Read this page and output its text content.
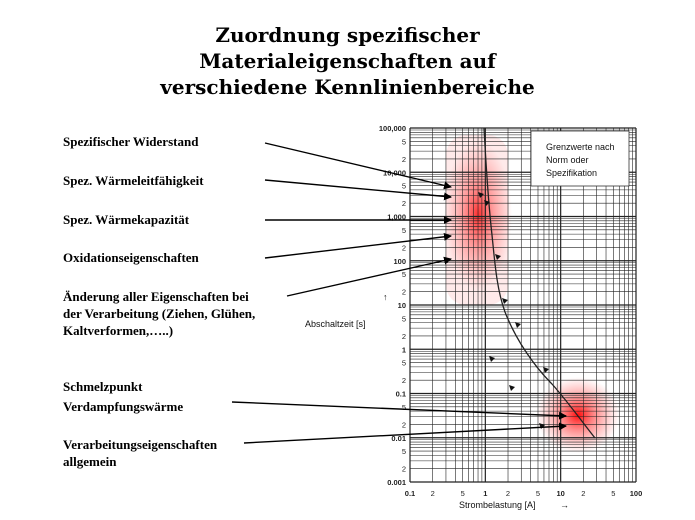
Zuordnung spezifischer
Materialeigenschaften auf
verschiedene Kennlinienbereiche
Spezifischer Widerstand
Spez. Wärmeleitfähigkeit
Spez. Wärmekapazität
Oxidationseigenschaften
Änderung aller Eigenschaften bei
der Verarbeitung (Ziehen, Glühen,
Kaltverformen,…..)
Schmelzpunkt
Verdampfungswärme
Verarbeitungseigenschaften
allgemein
100,000
10,000
1,000
100
10
1
0.1
0.01
0.001
5
2
5
2
5
2
5
2
5
2
5
2
5
2
5
2
0.1 2	5 1 2	5 10 2	5 100
Grenzwerte nach
Norm oder
Spezifikation
Abschaltzeit [s]
↑
Strombelastung [A]	→
